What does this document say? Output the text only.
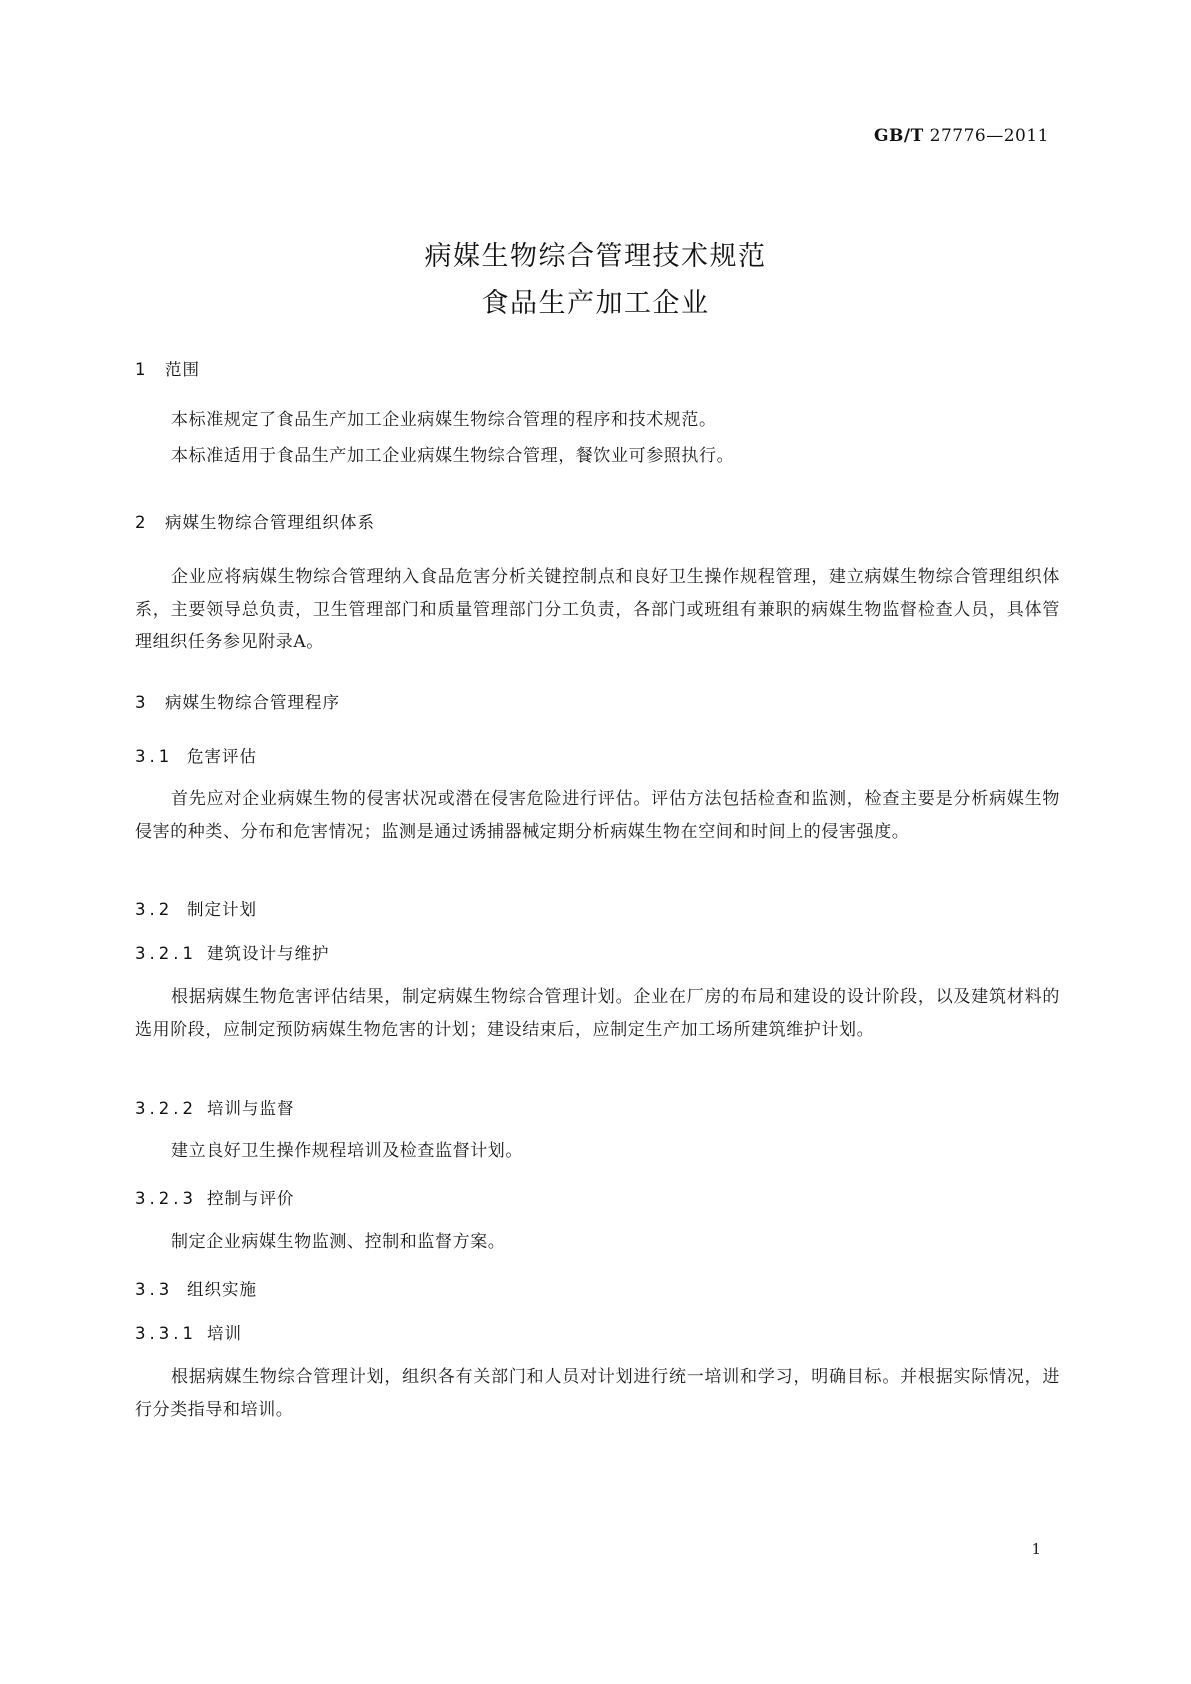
GB/T 27776—2011
病媒生物综合管理技术规范
食品生产加工企业
1 范围
本标准规定了食品生产加工企业病媒生物综合管理的程序和技术规范。
本标准适用于食品生产加工企业病媒生物综合管理，餐饮业可参照执行。
2 病媒生物综合管理组织体系
企业应将病媒生物综合管理纳入食品危害分析关键控制点和良好卫生操作规程管理，建立病媒生物综合管理组织体系，主要领导总负责，卫生管理部门和质量管理部门分工负责，各部门或班组有兼职的病媒生物监督检查人员，具体管理组织任务参见附录A。
3 病媒生物综合管理程序
3.1 危害评估
首先应对企业病媒生物的侵害状况或潜在侵害危险进行评估。评估方法包括检查和监测，检查主要是分析病媒生物侵害的种类、分布和危害情况；监测是通过诱捕器械定期分析病媒生物在空间和时间上的侵害强度。
3.2 制定计划
3.2.1 建筑设计与维护
根据病媒生物危害评估结果，制定病媒生物综合管理计划。企业在厂房的布局和建设的设计阶段，以及建筑材料的选用阶段，应制定预防病媒生物危害的计划；建设结束后，应制定生产加工场所建筑维护计划。
3.2.2 培训与监督
建立良好卫生操作规程培训及检查监督计划。
3.2.3 控制与评价
制定企业病媒生物监测、控制和监督方案。
3.3 组织实施
3.3.1 培训
根据病媒生物综合管理计划，组织各有关部门和人员对计划进行统一培训和学习，明确目标。并根据实际情况，进行分类指导和培训。
1
